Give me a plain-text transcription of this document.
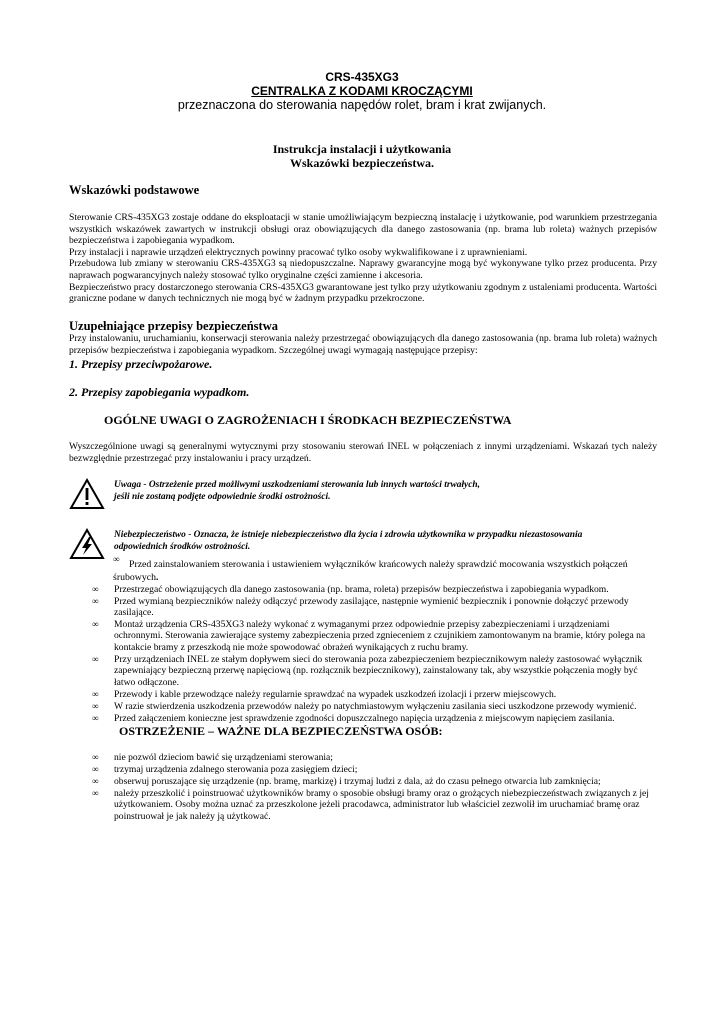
CRS-435XG3
CENTRALKA Z KODAMI KROCZĄCYMI
przeznaczona do sterowania napędów rolet, bram i krat zwijanych.
Instrukcja instalacji i użytkowania
Wskazówki bezpieczeństwa.
Wskazówki podstawowe

Sterowanie CRS-435XG3 zostaje oddane do eksploatacji w stanie umożliwiającym bezpieczną instalację i użytkowanie, pod warunkiem przestrzegania wszystkich wskazówek zawartych w instrukcji obsługi oraz obowiązujących dla danego zastosowania (np. brama lub roleta) ważnych przepisów bezpieczeństwa i zapobiegania wypadkom.

Przy instalacji i naprawie urządzeń elektrycznych powinny pracować tylko osoby wykwalifikowane i z uprawnieniami.

Przebudowa lub zmiany w sterowaniu CRS-435XG3 są niedopuszczalne. Naprawy gwarancyjne mogą być wykonywane tylko przez producenta. Przy naprawach pogwarancyjnych należy stosować tylko oryginalne części zamienne i akcesoria.

Bezpieczeństwo pracy dostarczonego sterowania CRS-435XG3 gwarantowane jest tylko przy użytkowaniu zgodnym z ustaleniami producenta. Wartości graniczne podane w danych technicznych nie mogą być w żadnym przypadku przekroczone.

Uzupełniające przepisy bezpieczeństwa
Przy instalowaniu, uruchamianiu, konserwacji sterowania należy przestrzegać obowiązujących dla danego zastosowania (np. brama lub roleta) ważnych przepisów bezpieczeństwa i zapobiegania wypadkom. Szczególnej uwagi wymagają następujące przepisy:
1. Przepisy przeciwpożarowe.
2. Przepisy zapobiegania wypadkom.
OGÓLNE UWAGI O ZAGROŻENIACH I ŚRODKACH BEZPIECZEŃSTWA
Wyszczególnione uwagi są generalnymi wytycznymi przy stosowaniu sterowań INEL w połączeniach z innymi urządzeniami. Wskazań tych należy bezwzględnie przestrzegać przy instalowaniu i pracy urządzeń.
Uwaga - Ostrzeżenie przed możliwymi uszkodzeniami sterowania lub innych wartości trwałych,
jeśli nie zostaną podjęte odpowiednie środki ostrożności.
Niebezpieczeństwo - Oznacza, że istnieje niebezpieczeństwo dla życia i zdrowia użytkownika w przypadku niezastosowania
odpowiednich środków ostrożności.
∞ Przed zainstalowaniem sterowania i ustawieniem wyłączników krańcowych należy sprawdzić mocowania wszystkich połączeń
śrubowych.
∞ Przestrzegać obowiązujących dla danego zastosowania (np. brama, roleta) przepisów bezpieczeństwa i zapobiegania wypadkom.
∞ Przed wymianą bezpieczników należy odłączyć przewody zasilające, następnie wymienić bezpiecznik i ponownie dołączyć przewody zasilające.
∞ Montaż urządzenia CRS-435XG3 należy wykonać z wymaganymi przez odpowiednie przepisy zabezpieczeniami i urządzeniami ochronnymi. Sterowania zawierające systemy zabezpieczenia przed zgnieceniem z czujnikiem zamontowanym na bramie, który polega na kontakcie bramy z przeszkodą nie może spowodować obrażeń wynikających z ruchu bramy.
∞ Przy urządzeniach INEL ze stałym dopływem sieci do sterowania poza zabezpieczeniem bezpiecznikowym należy zastosować wyłącznik zapewniający bezpieczną przerwę napięciową (np. rozłącznik bezpiecznikowy), zainstalowany tak, aby wszystkie połączenia mogły być łatwo odłączone.
∞ Przewody i kable przewodzące należy regularnie sprawdzać na wypadek uszkodzeń izolacji i przerw miejscowych.
∞ W razie stwierdzenia uszkodzenia przewodów należy po natychmiastowym wyłączeniu zasilania sieci uszkodzone przewody wymienić.
∞ Przed załączeniem konieczne jest sprawdzenie zgodności dopuszczalnego napięcia urządzenia z miejscowym napięciem zasilania.
OSTRZEŻENIE – WAŻNE DLA BEZPIECZEŃSTWA OSÓB:
∞ nie pozwól dzieciom bawić się urządzeniami sterowania;
∞ trzymaj urządzenia zdalnego sterowania poza zasięgiem dzieci;
∞ obserwuj poruszające się urządzenie (np. bramę, markizę) i trzymaj ludzi z dala, aż do czasu pełnego otwarcia lub zamknięcia;
∞ należy przeszkolić i poinstruować użytkowników bramy o sposobie obsługi bramy oraz o grożących niebezpieczeństwach związanych z jej użytkowaniem. Osoby można uznać za przeszkolone jeżeli pracodawca, administrator lub właściciel zezwolił im uruchamiać bramę oraz poinstruował je jak należy ją użytkować.
